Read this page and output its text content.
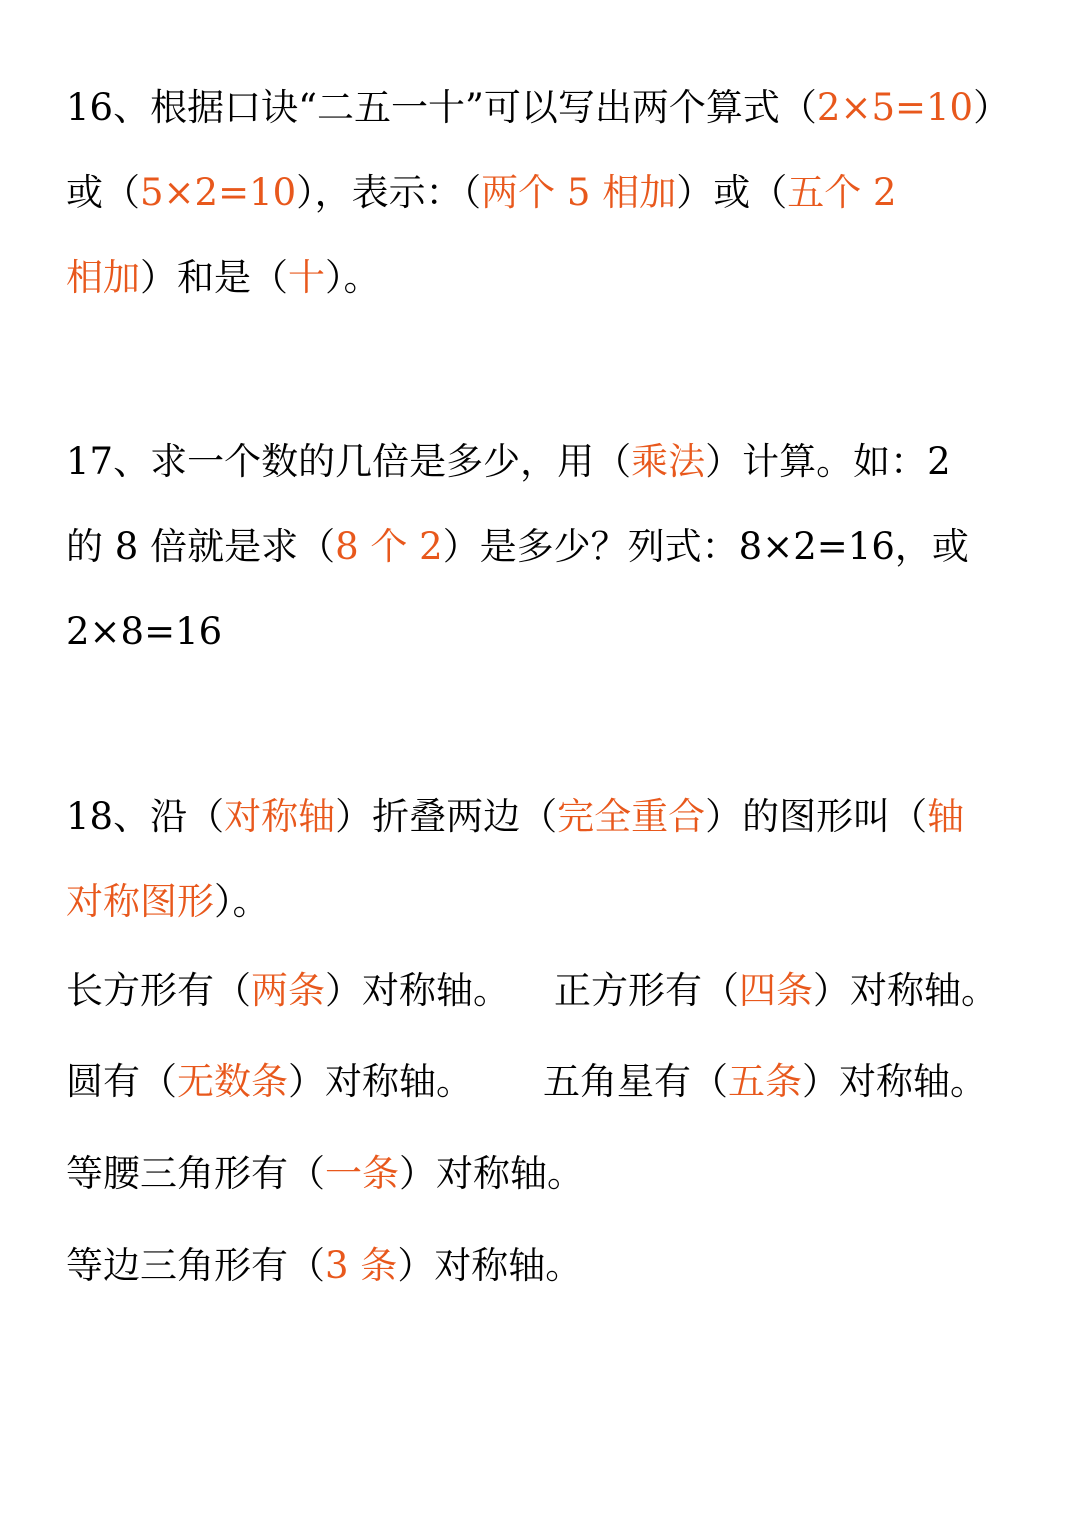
16、根据口诀“二五一十”可以写出两个算式（2×5=10）
或（5×2=10），表示：（两个 5 相加）或（五个 2
相加）和是（十）。
17、求一个数的几倍是多少，用（乘法）计算。如：2
的 8 倍就是求（8 个 2）是多少？列式：8×2=16，或
2×8=16
18、沿（对称轴）折叠两边（完全重合）的图形叫（轴
对称图形）。
长方形有（两条）对称轴。 正方形有（四条）对称轴。
圆有（无数条）对称轴。 五角星有（五条）对称轴。
等腰三角形有（一条）对称轴。
等边三角形有（3 条）对称轴。
